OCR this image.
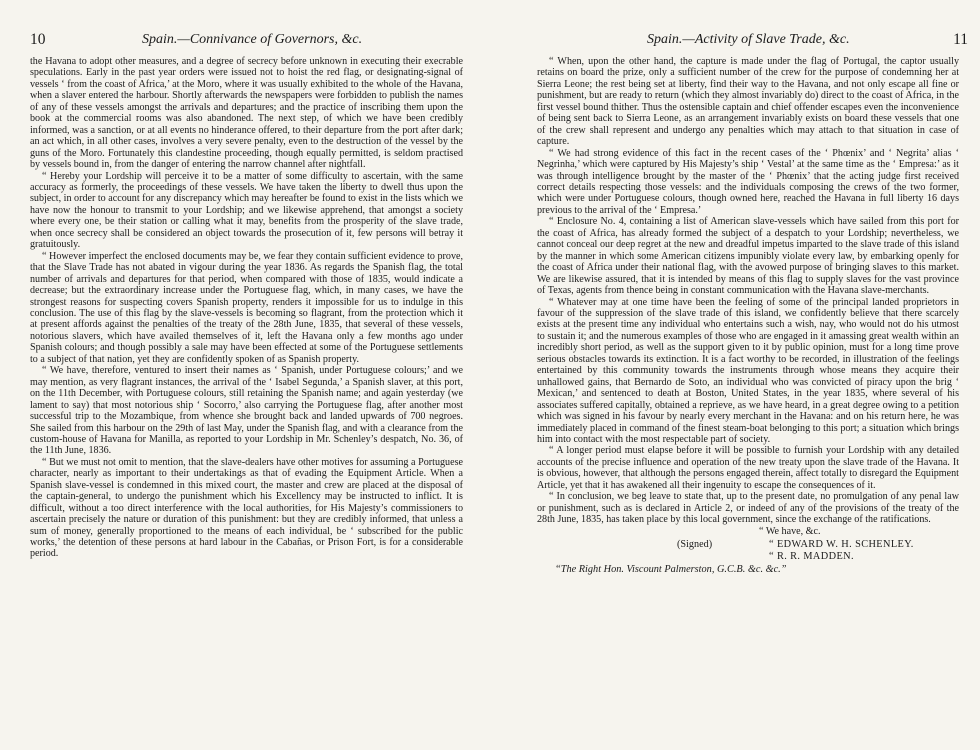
10	Spain.—Connivance of Governors, &c.

the Havana to adopt other measures, and a degree of secrecy before unknown in executing their execrable speculations. Early in the past year orders were issued not to hoist the red flag, or designating-signal of vessels ‘ from the coast of Africa,’ at the Moro, where it was usually exhibited to the whole of the Havana, when a slaver entered the harbour. Shortly afterwards the newspapers were forbidden to publish the names of any of these vessels amongst the arrivals and departures; and the practice of inscribing them upon the book at the commercial rooms was also abandoned. The next step, of which we have been credibly informed, was a sanction, or at all events no hinderance offered, to their departure from the port after dark; an act which, in all other cases, involves a very severe penalty, even to the destruction of the vessel by the guns of the Moro. Fortunately this clandestine proceeding, though equally permitted, is seldom practised by vessels bound in, from the danger of entering the narrow channel after nightfall.

“ Hereby your Lordship will perceive it to be a matter of some difficulty to ascertain, with the same accuracy as formerly, the proceedings of these vessels. We have taken the liberty to dwell thus upon the subject, in order to account for any discrepancy which may hereafter be found to exist in the lists which we have now the honour to transmit to your Lordship; and we likewise apprehend, that amongst a society where every one, be their station or calling what it may, benefits from the prosperity of the slave trade, when once secrecy shall be considered an object towards the prosecution of it, few persons will betray it gratuitously.

“ However imperfect the enclosed documents may be, we fear they contain sufficient evidence to prove, that the Slave Trade has not abated in vigour during the year 1836. As regards the Spanish flag, the total number of arrivals and departures for that period, when compared with those of 1835, would indicate a decrease; but the extraordinary increase under the Portuguese flag, which, in many cases, we have the strongest reasons for suspecting covers Spanish property, renders it impossible for us to indulge in this conclusion. The use of this flag by the slave-vessels is becoming so flagrant, from the protection which it at present affords against the penalties of the treaty of the 28th June, 1835, that several of these vessels, notorious slavers, which have availed themselves of it, left the Havana only a few months ago under Spanish colours; and though possibly a sale may have been effected at some of the Portuguese settlements to a subject of that nation, yet they are confidently spoken of as Spanish property.

“ We have, therefore, ventured to insert their names as ‘ Spanish, under Portuguese colours;’ and we may mention, as very flagrant instances, the arrival of the ‘ Isabel Segunda,’ a Spanish slaver, at this port, on the 11th December, with Portuguese colours, still retaining the Spanish name; and again yesterday (we lament to say) that most notorious ship ‘ Socorro,’ also carrying the Portuguese flag, after another most successful trip to the Mozambique, from whence she brought back and landed upwards of 700 negroes. She sailed from this harbour on the 29th of last May, under the Spanish flag, and with a clearance from the custom-house of Havana for Manilla, as reported to your Lordship in Mr. Schenley’s despatch, No. 36, of the 11th June, 1836.

“ But we must not omit to mention, that the slave-dealers have other motives for assuming a Portuguese character, nearly as important to their undertakings as that of evading the Equipment Article. When a Spanish slave-vessel is condemned in this mixed court, the master and crew are placed at the disposal of the captain-general, to undergo the punishment which his Excellency may be instructed to inflict. It is difficult, without a too direct interference with the local authorities, for His Majesty’s commissioners to ascertain precisely the nature or duration of this punishment: but they are credibly informed, that unless a sum of money, generally proportioned to the means of each individual, be ‘ subscribed for the public works,’ the detention of these persons at hard labour in the Cabañas, or Prison Fort, is for a considerable period.

Spain.—Activity of Slave Trade, &c.	11

“ When, upon the other hand, the capture is made under the flag of Portugal, the captor usually retains on board the prize, only a sufficient number of the crew for the purpose of condemning her at Sierra Leone; the rest being set at liberty, find their way to the Havana, and not only escape all fine or punishment, but are ready to return (which they almost invariably do) direct to the coast of Africa, in the first vessel bound thither. Thus the ostensible captain and chief offender escapes even the inconvenience of being sent back to Sierra Leone, as an arrangement invariably exists on board these vessels that one of the crew shall represent and undergo any penalties which may attach to that situation in case of capture.

“ We had strong evidence of this fact in the recent cases of the ‘ Phœnix’ and ‘ Negrita’ alias ‘ Negrinha,’ which were captured by His Majesty’s ship ‘ Vestal’ at the same time as the ‘ Empresa:’ as it was through intelligence brought by the master of the ‘ Phœnix’ that the acting judge first received correct details respecting those vessels: and the individuals composing the crews of the two former, which were under Portuguese colours, though owned here, reached the Havana in full liberty 16 days previous to the arrival of the ‘ Empresa.’

“ Enclosure No. 4, containing a list of American slave-vessels which have sailed from this port for the coast of Africa, has already formed the subject of a despatch to your Lordship; nevertheless, we cannot conceal our deep regret at the new and dreadful impetus imparted to the slave trade of this island by the manner in which some American citizens impunibly violate every law, by embarking openly for the coast of Africa under their national flag, with the avowed purpose of bringing slaves to this market. We are likewise assured, that it is intended by means of this flag to supply slaves for the vast province of Texas, agents from thence being in constant communication with the Havana slave-merchants.

“ Whatever may at one time have been the feeling of some of the principal landed proprietors in favour of the suppression of the slave trade of this island, we confidently believe that there scarcely exists at the present time any individual who entertains such a wish, nay, who would not do his utmost to sustain it; and the numerous examples of those who are engaged in it amassing great wealth within an incredibly short period, as well as the support given to it by public opinion, must for a long time prove serious obstacles towards its extinction. It is a fact worthy to be recorded, in illustration of the feelings entertained by this community towards the instruments through whose means they acquire their unhallowed gains, that Bernardo de Soto, an individual who was convicted of piracy upon the brig ‘ Mexican,’ and sentenced to death at Boston, United States, in the year 1835, where several of his associates suffered capitally, obtained a reprieve, as we have heard, in a great degree owing to a petition which was signed in his favour by nearly every merchant in the Havana: and on his return here, he was immediately placed in command of the finest steam-boat belonging to this port; a situation which brings him into contact with the most respectable part of society.

“ A longer period must elapse before it will be possible to furnish your Lordship with any detailed accounts of the precise influence and operation of the new treaty upon the slave trade of the Havana. It is obvious, however, that although the persons engaged therein, affect totally to disregard the Equipment Article, yet that it has awakened all their ingenuity to escape the consequences of it.

“ In conclusion, we beg leave to state that, up to the present date, no promulgation of any penal law or punishment, such as is declared in Article 2, or indeed of any of the provisions of the treaty of the 28th June, 1835, has taken place by this local government, since the exchange of the ratifications.

“ We have, &c.

(Signed)	“ EDWARD W. H. SCHENLEY.
“ R. R. MADDEN.
“The Right Hon. Viscount Palmerston, G.C.B. &c. &c.”
